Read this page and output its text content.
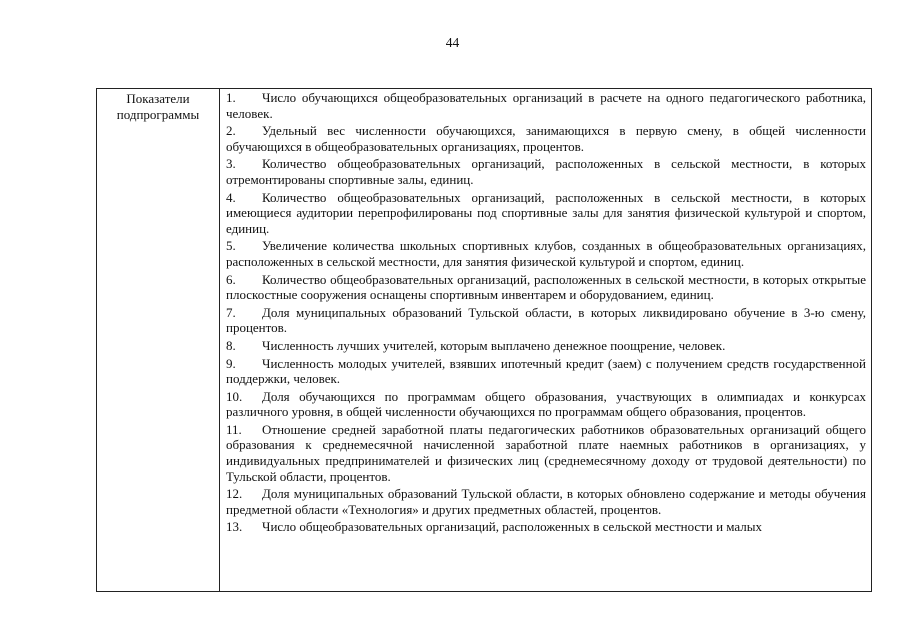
44
Показатели
подпрограммы

1. Число обучающихся общеобразовательных организаций в расчете на одного педагогического работника, человек.
2. Удельный вес численности обучающихся, занимающихся в первую смену, в общей численности обучающихся в общеобразовательных организациях, процентов.
3. Количество общеобразовательных организаций, расположенных в сельской местности, в которых отремонтированы спортивные залы, единиц.
4. Количество общеобразовательных организаций, расположенных в сельской местности, в которых имеющиеся аудитории перепрофилированы под спортивные залы для занятия физической культурой и спортом, единиц.
5. Увеличение количества школьных спортивных клубов, созданных в общеобразовательных организациях, расположенных в сельской местности, для занятия физической культурой и спортом, единиц.
6. Количество общеобразовательных организаций, расположенных в сельской местности, в которых открытые плоскостные сооружения оснащены спортивным инвентарем и оборудованием, единиц.
7. Доля муниципальных образований Тульской области, в которых ликвидировано обучение в 3-ю смену, процентов.
8. Численность лучших учителей, которым выплачено денежное поощрение, человек.
9. Численность молодых учителей, взявших ипотечный кредит (заем) с получением средств государственной поддержки, человек.
10. Доля обучающихся по программам общего образования, участвующих в олимпиадах и конкурсах различного уровня, в общей численности обучающихся по программам общего образования, процентов.
11. Отношение средней заработной платы педагогических работников образовательных организаций общего образования к среднемесячной начисленной заработной плате наемных работников в организациях, у индивидуальных предпринимателей и физических лиц (среднемесячному доходу от трудовой деятельности) по Тульской области, процентов.
12. Доля муниципальных образований Тульской области, в которых обновлено содержание и методы обучения предметной области «Технология» и других предметных областей, процентов.
13. Число общеобразовательных организаций, расположенных в сельской местности и малых
